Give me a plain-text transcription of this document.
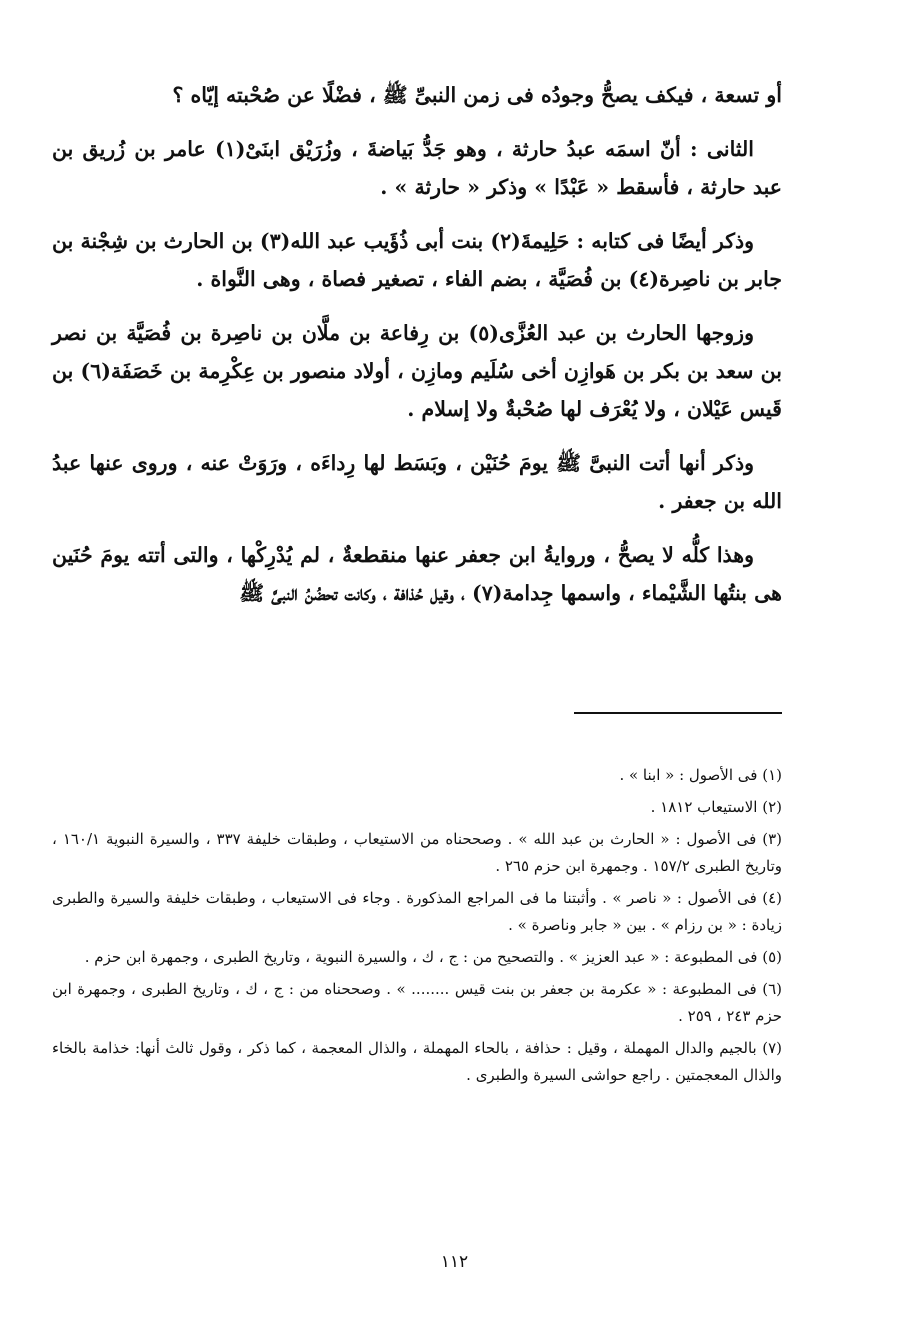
أو تسعة ، فيكف يصحُّ وجودُه فى زمن النبىِّ ﷺ ، فضْلًا عن صُحْبته إيّاه ؟

الثانى : أنّ اسمَه عبدُ حارثة ، وهو جَدُّ بَياضةَ ، وزُرَيْق ابنَىْ(١) عامر بن زُريق بن عبد حارثة ، فأسقط « عَبْدًا » وذكر « حارثة » .

وذكر أيضًا فى كتابه : حَلِيمةَ(٢) بنت أبى ذُؤَيب عبد الله(٣) بن الحارث بن شِجْنة بن جابر بن ناصِرة(٤) بن فُصَيَّة ، بضم الفاء ، تصغير فصاة ، وهى النَّواة .

وزوجها الحارث بن عبد العُزَّى(٥) بن رِفاعة بن ملَّان بن ناصِرة بن فُصَيَّة بن نصر بن سعد بن بكر بن هَوازِن أخى سُلَيم ومازِن ، أولاد منصور بن عِكْرِمة بن خَصَفَة(٦) بن قَيس عَيْلان ، ولا يُعْرَف لها صُحْبةٌ ولا إسلام .

وذكر أنها أتت النبىَّ ﷺ يومَ حُنَيْن ، وبَسَط لها رِداءَه ، ورَوَتْ عنه ، وروى عنها عبدُ الله بن جعفر .

وهذا كلُّه لا يصحُّ ، وروايةُ ابن جعفر عنها منقطعةٌ ، لم يُدْرِكْها ، والتى أتته يومَ حُنَين هى بنتُها الشَّيْماء ، واسمها جِدامة(٧) ، وقيل حُذافة ، وكانت تحضُنُ النبىَّ ﷺ

(١) فى الأصول : « ابنا » .

(٢) الاستيعاب ١٨١٢ .

(٣) فى الأصول : « الحارث بن عبد الله » . وصححناه من الاستيعاب ، وطبقات خليفة ٣٣٧ ، والسيرة النبوية ١٦٠/١ ، وتاريخ الطبرى ١٥٧/٢ . وجمهرة ابن حزم ٢٦٥ .

(٤) فى الأصول : « ناصر » . وأثبتنا ما فى المراجع المذكورة . وجاء فى الاستيعاب ، وطبقات خليفة والسيرة والطبرى زيادة : « بن رزام » . بين « جابر وناصرة » .

(٥) فى المطبوعة : « عبد العزيز » . والتصحيح من : ج ، ك ، والسيرة النبوية ، وتاريخ الطبرى ، وجمهرة ابن حزم .

(٦) فى المطبوعة : « عكرمة بن جعفر بن بنت قيس ........ » . وصححناه من : ج ، ك ، وتاريخ الطبرى ، وجمهرة ابن حزم ٢٤٣ ، ٢٥٩ .

(٧) بالجيم والدال المهملة ، وقيل : حذافة ، بالحاء المهملة ، والذال المعجمة ، كما ذكر ، وقول ثالث أنها: خذامة بالخاء والذال المعجمتين . راجع حواشى السيرة والطبرى .

١١٢
